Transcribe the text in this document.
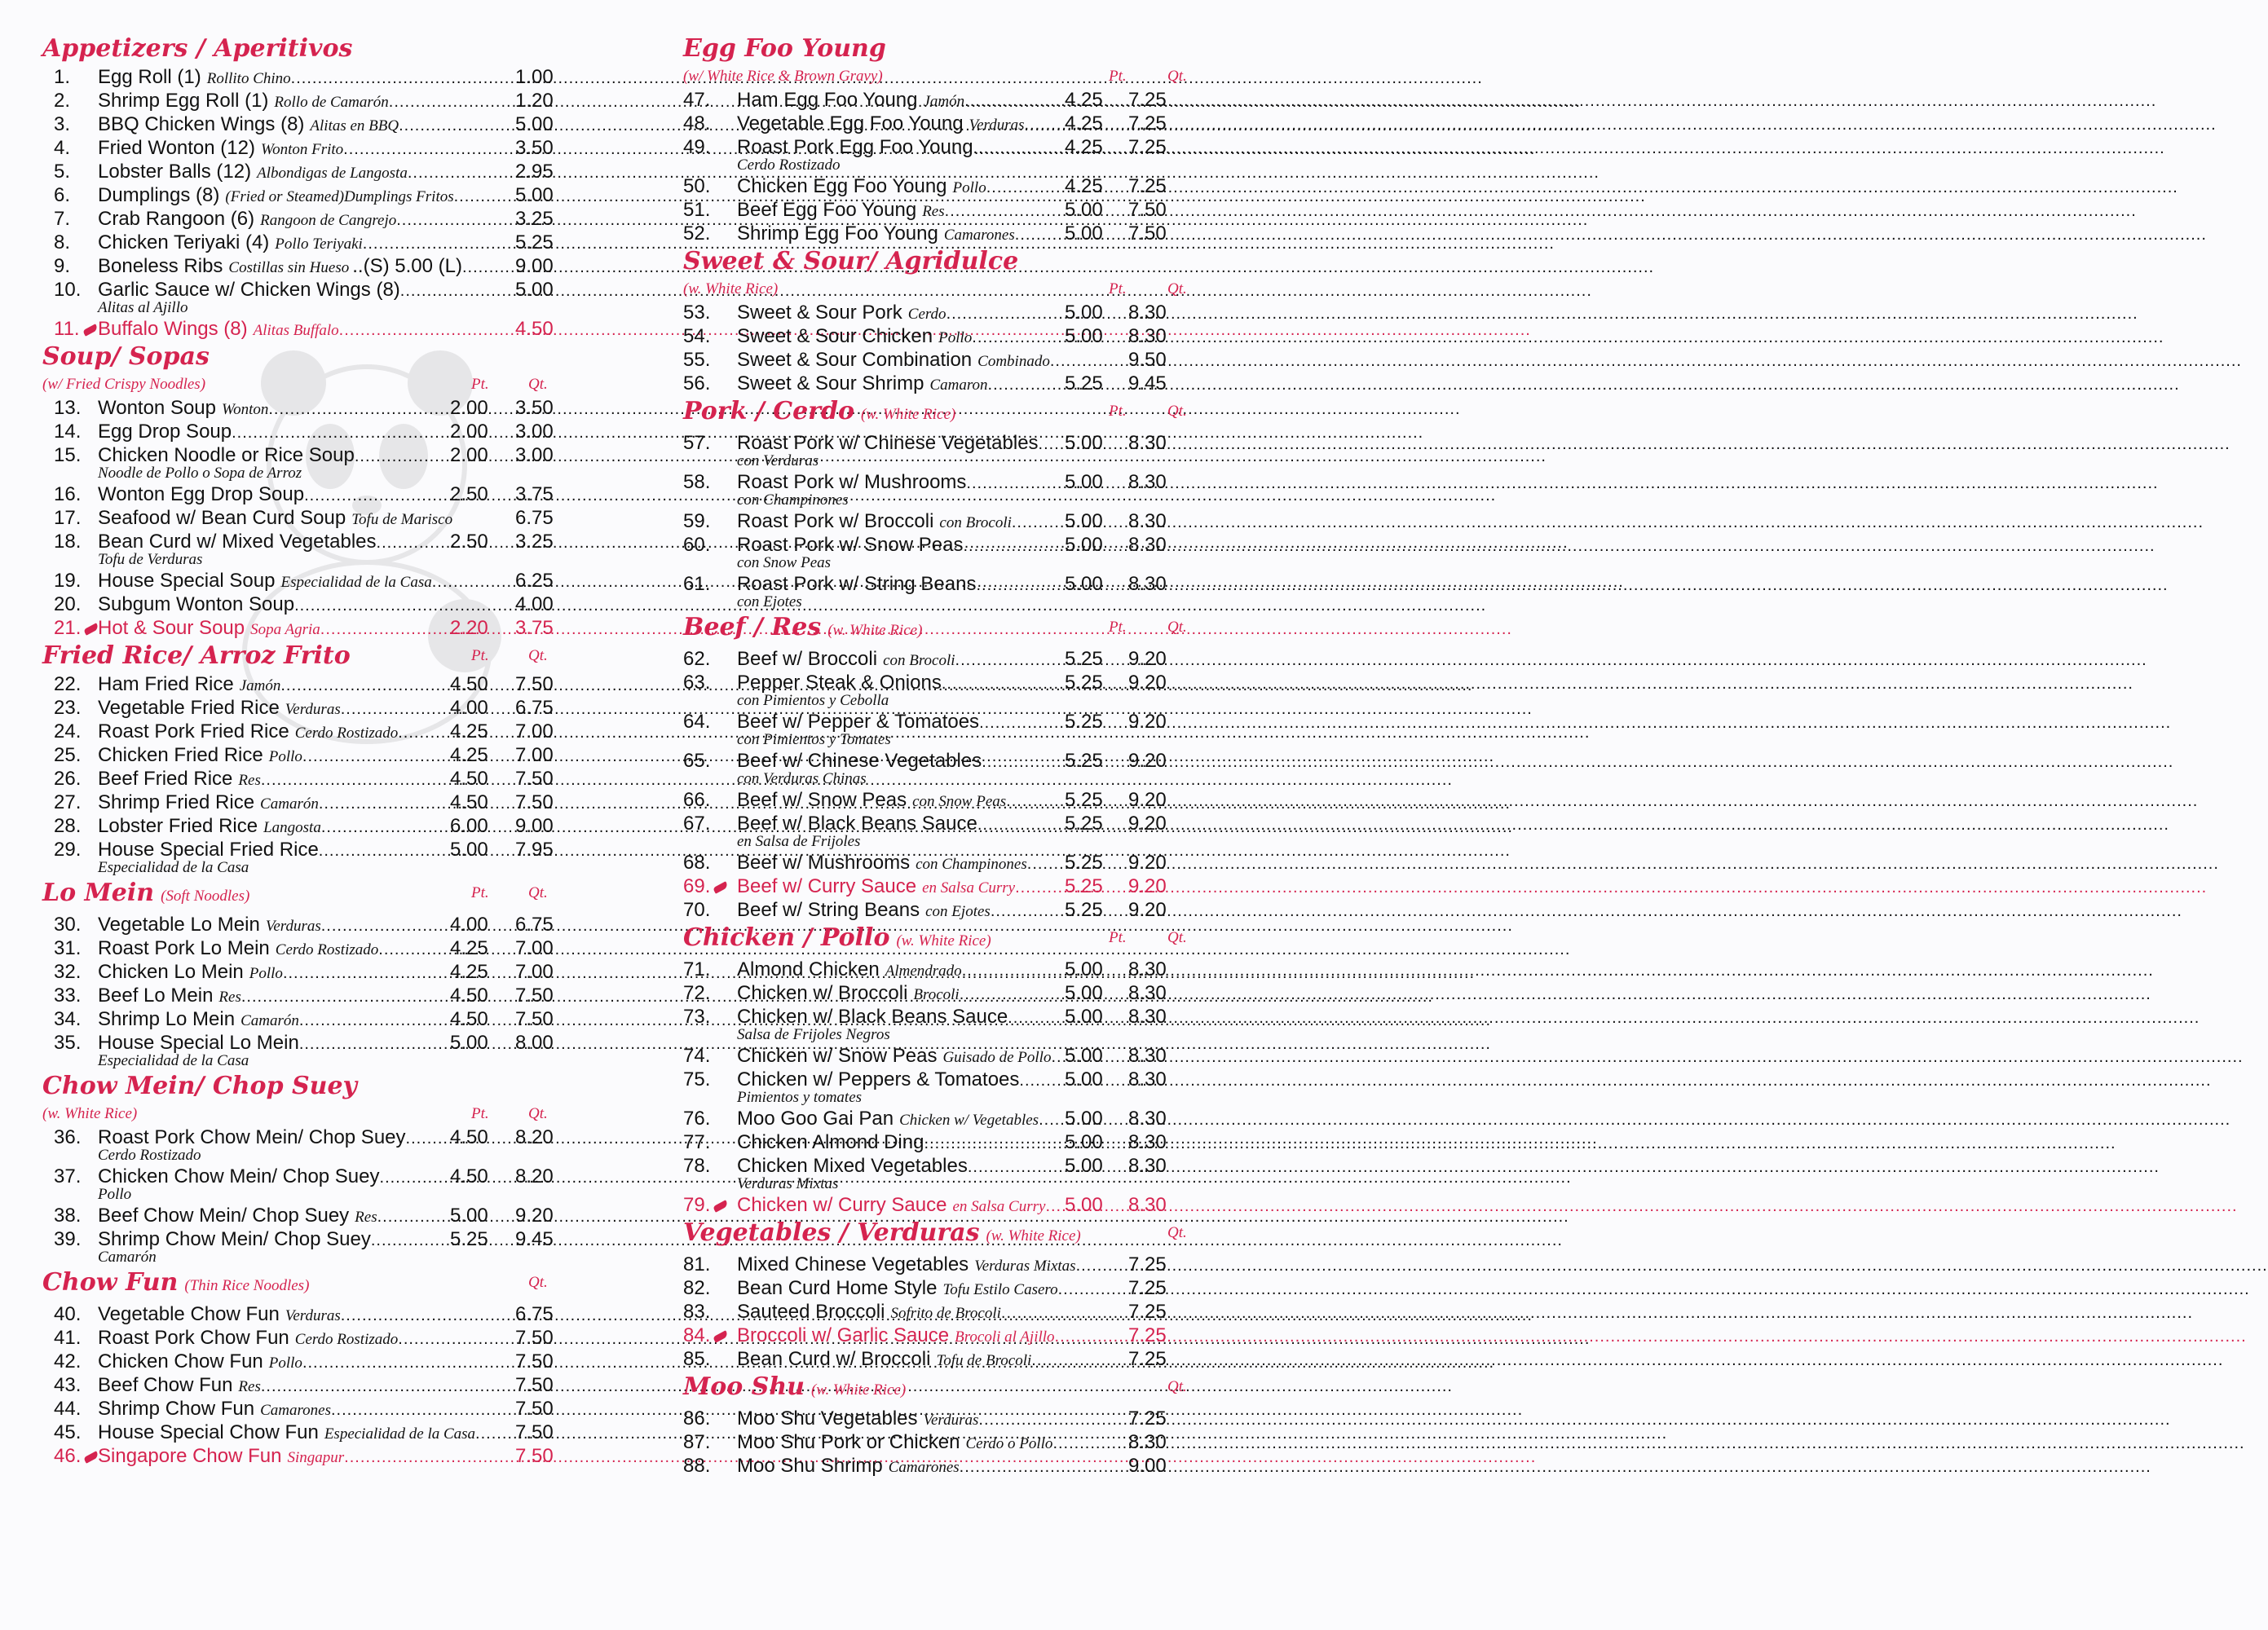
Appetizers / Aperitivos
1. Egg Roll (1) Rollito Chino .....	1.00
2. Shrimp Egg Roll (1) Rollo de Camarón .....	1.20
3. BBQ Chicken Wings (8) Alitas en BBQ .....	5.00
4. Fried Wonton (12) Wonton Frito .....	3.50
5. Lobster Balls (12) Albondigas de Langosta .....	2.95
6. Dumplings (8) (Fried or Steamed)Dumplings Fritos .....	5.00
7. Crab Rangoon (6) Rangoon de Cangrejo .....	3.25
8. Chicken Teriyaki (4) Pollo Teriyaki .....	5.25
9. Boneless Ribs Costillas sin Hueso ..(S) 5.00 (L) .....	9.00
10. Garlic Sauce w/ Chicken Wings (8) .....	5.00
Alitas al Ajillo
11. Buffalo Wings (8) Alitas Buffalo .....	4.50
Soup/ Sopas
(w/ Fried Crispy Noodles)	Pt.	Qt.
13. Wonton Soup Wonton .....	2.00 3.50
14. Egg Drop Soup .....	2.00 3.00
15. Chicken Noodle or Rice Soup .....	2.00 3.00
Noodle de Pollo o Sopa de Arroz
16. Wonton Egg Drop Soup .....	2.50 3.75
17. Seafood w/ Bean Curd Soup Tofu de Marisco	6.75
18. Bean Curd w/ Mixed Vegetables .....	2.50 3.25
Tofu de Verduras
19. House Special Soup Especialidad de la Casa .....	6.25
20. Subgum Wonton Soup .....	4.00
21. Hot & Sour Soup Sopa Agria .....	2.20 3.75
Fried Rice/ Arroz Frito	Pt.	Qt.
22. Ham Fried Rice Jamón .....	4.50 7.50
23. Vegetable Fried Rice Verduras .....	4.00 6.75
24. Roast Pork Fried Rice Cerdo Rostizado .....	4.25 7.00
25. Chicken Fried Rice Pollo .....	4.25 7.00
26. Beef Fried Rice Res .....	4.50 7.50
27. Shrimp Fried Rice Camarón .....	4.50 7.50
28. Lobster Fried Rice Langosta .....	6.00 9.00
29. House Special Fried Rice .....	5.00 7.95
Especialidad de la Casa
Lo Mein (Soft Noodles)	Pt.	Qt.
30. Vegetable Lo Mein Verduras .....	4.00 6.75
31. Roast Pork Lo Mein Cerdo Rostizado .....	4.25 7.00
32. Chicken Lo Mein Pollo .....	4.25 7.00
33. Beef Lo Mein Res .....	4.50 7.50
34. Shrimp Lo Mein Camarón .....	4.50 7.50
35. House Special Lo Mein .....	5.00 8.00
Especialidad de la Casa
Chow Mein/ Chop Suey
(w. White Rice)	Pt.	Qt.
36. Roast Pork Chow Mein/ Chop Suey ..... 4.50 8.20
Cerdo Rostizado
37. Chicken Chow Mein/ Chop Suey .....	4.50 8.20
Pollo
38. Beef Chow Mein/ Chop Suey Res .....	5.00 9.20
39. Shrimp Chow Mein/ Chop Suey .....	5.25 9.45
Camarón
Chow Fun (Thin Rice Noodles)	Qt.
40. Vegetable Chow Fun Verduras .....	6.75
41. Roast Pork Chow Fun Cerdo Rostizado .....	7.50
42. Chicken Chow Fun Pollo .....	7.50
43. Beef Chow Fun Res .....	7.50
44. Shrimp Chow Fun Camarones .....	7.50
45. House Special Chow Fun Especialidad de la Casa ..... 7.50
46. Singapore Chow Fun Singapur .....	7.50
Egg Foo Young
(w/ White Rice & Brown Gravy)	Pt.	Qt.
47. Ham Egg Foo Young Jamón .....	4.25 7.25
48. Vegetable Egg Foo Young Verduras ..... 4.25 7.25
49. Roast Pork Egg Foo Young .....	4.25 7.25
Cerdo Rostizado
50. Chicken Egg Foo Young Pollo .....	4.25 7.25
51. Beef Egg Foo Young Res .....	5.00 7.50
52. Shrimp Egg Foo Young Camarones .....	5.00 7.50
Sweet & Sour/ Agridulce
(w. White Rice)	Pt.	Qt.
53. Sweet & Sour Pork Cerdo .....	5.00 8.30
54. Sweet & Sour Chicken Pollo .....	5.00 8.30
55. Sweet & Sour Combination Combinado .....	9.50
56. Sweet & Sour Shrimp Camaron .....	5.25 9.45
Pork / Cerdo (w. White Rice)	Pt.	Qt.
57. Roast Pork w/ Chinese Vegetables ..... 5.00 8.30
con Verduras
58. Roast Pork w/ Mushrooms .....	5.00 8.30
con Champinones
59. Roast Pork w/ Broccoli con Brocoli .....	5.00 8.30
60. Roast Pork w/ Snow Peas .....	5.00 8.30
con Snow Peas
61. Roast Pork w/ String Beans .....	5.00 8.30
con Ejotes
Beef / Res (w. White Rice)	Pt.	Qt.
62. Beef w/ Broccoli con Brocoli .....	5.25 9.20
63. Pepper Steak & Onions .....	5.25 9.20
con Pimientos y Cebolla
64. Beef w/ Pepper & Tomatoes .....	5.25 9.20
con Pimientos y Tomates
65. Beef w/ Chinese Vegetables .....	5.25 9.20
con Verduras Chinas
66. Beef w/ Snow Peas con Snow Peas .....	5.25 9.20
67. Beef w/ Black Beans Sauce .....	5.25 9.20
en Salsa de Frijoles
68. Beef w/ Mushrooms con Champinones ..... 5.25 9.20
69.	Beef w/ Curry Sauce en Salsa Curry .....	5.25 9.20
70. Beef w/ String Beans con Ejotes .....	5.25 9.20
Chicken / Pollo (w. White Rice)	Pt.	Qt.
71. Almond Chicken Almendrado .....	5.00 8.30
72. Chicken w/ Broccoli Brocoli .....	5.00 8.30
73. Chicken w/ Black Beans Sauce .....	5.00 8.30
Salsa de Frijoles Negros
74. Chicken w/ Snow Peas Guisado de Pollo ..... 5.00 8.30
75. Chicken w/ Peppers & Tomatoes ..... 5.00 8.30
Pimientos y tomates
76. Moo Goo Gai Pan Chicken w/ Vegetables ..... 5.00 8.30
77. Chicken Almond Ding .....	5.00 8.30
78. Chicken Mixed Vegetables .....	5.00 8.30
Verduras Mixtas
79.	Chicken w/ Curry Sauce en Salsa Curry ..... 5.00 8.30
Vegetables / Verduras (w. White Rice)	Qt.
81. Mixed Chinese Vegetables Verduras Mixtas .....	7.25
82. Bean Curd Home Style Tofu Estilo Casero .....	7.25
83. Sauteed Broccoli Sofrito de Brocoli .....	7.25
84.	Broccoli w/ Garlic Sauce Brocoli al Ajillo .....	7.25
85. Bean Curd w/ Broccoli Tofu de Brocoli .....	7.25
Moo Shu (w. White Rice)	Qt.
86. Moo Shu Vegetables Verduras .....	7.25
87. Moo Shu Pork or Chicken Cerdo o Pollo .....	8.30
88. Moo Shu Shrimp Camarones .....	9.00
